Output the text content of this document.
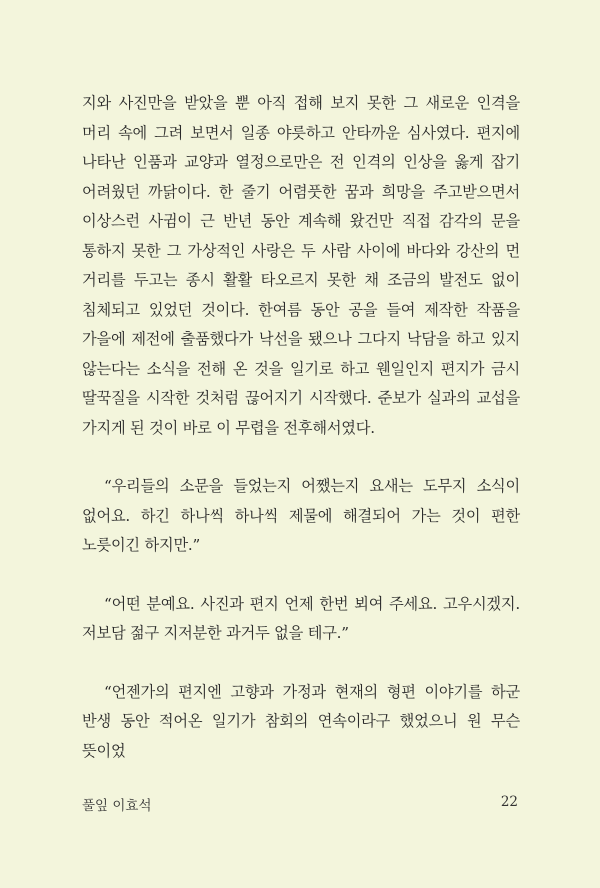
지와 사진만을 받았을 뿐 아직 접해 보지 못한 그 새로운 인격을 머리 속에 그려 보면서 일종 야릇하고 안타까운 심사였다. 편지에 나타난 인품과 교양과 열정으로만은 전 인격의 인상을 옳게 잡기 어려웠던 까닭이다. 한 줄기 어렴풋한 꿈과 희망을 주고받으면서 이상스런 사귐이 근 반년 동안 계속해 왔건만 직접 감각의 문을 통하지 못한 그 가상적인 사랑은 두 사람 사이에 바다와 강산의 먼 거리를 두고는 종시 활활 타오르지 못한 채 조금의 발전도 없이 침체되고 있었던 것이다. 한여름 동안 공을 들여 제작한 작품을 가을에 제전에 출품했다가 낙선을 됐으나 그다지 낙담을 하고 있지 않는다는 소식을 전해 온 것을 일기로 하고 웬일인지 편지가 금시 딸꾹질을 시작한 것처럼 끊어지기 시작했다. 준보가 실과의 교섭을 가지게 된 것이 바로 이 무렵을 전후해서였다.

“우리들의 소문을 들었는지 어쨌는지 요새는 도무지 소식이 없어요. 하긴 하나씩 하나씩 제물에 해결되어 가는 것이 편한 노릇이긴 하지만.”

“어떤 분예요. 사진과 편지 언제 한번 뵈여 주세요. 고우시겠지. 저보담 젊구 지저분한 과거두 없을 테구.”

“언젠가의 편지엔 고향과 가정과 현재의 형편 이야기를 하군 반생 동안 적어온 일기가 참회의 연속이라구 했었으니 원 무슨 뜻이었

풀잎 이효석	22
